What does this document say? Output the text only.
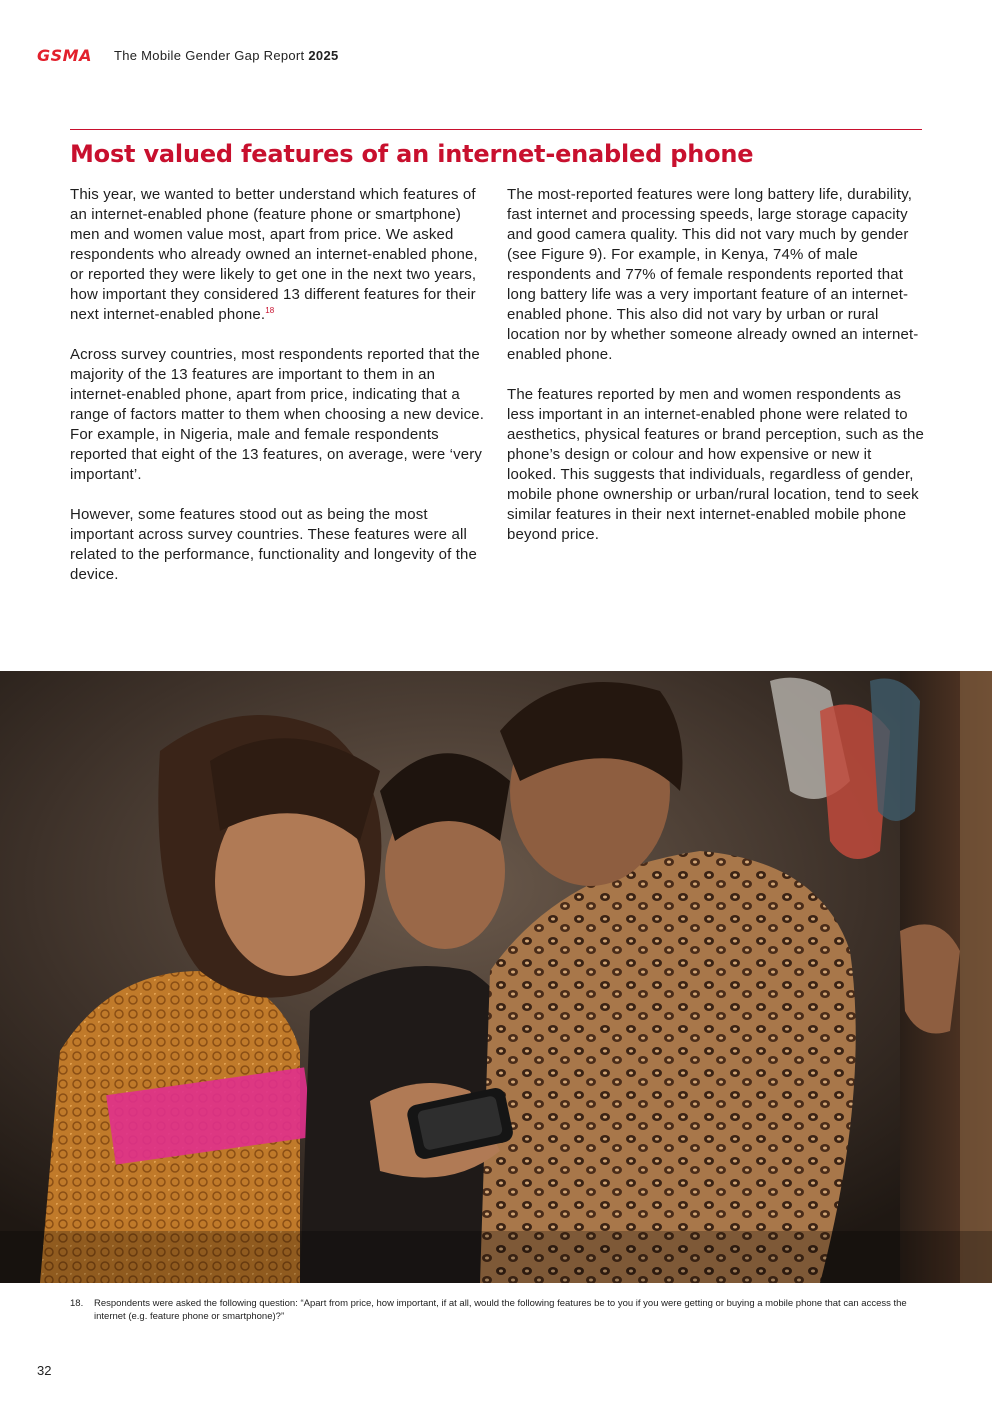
GSMA The Mobile Gender Gap Report 2025
Most valued features of an internet-enabled phone

This year, we wanted to better understand which features of an internet-enabled phone (feature phone or smartphone) men and women value most, apart from price. We asked respondents who already owned an internet-enabled phone, or reported they were likely to get one in the next two years, how important they considered 13 different features for their next internet-enabled phone.$^{18}$

Across survey countries, most respondents reported that the majority of the 13 features are important to them in an internet-enabled phone, apart from price, indicating that a range of factors matter to them when choosing a new device. For example, in Nigeria, male and female respondents reported that eight of the 13 features, on average, were ‘very important’.

However, some features stood out as being the most important across survey countries. These features were all related to the performance, functionality and longevity of the device.

The most-reported features were long battery life, durability, fast internet and processing speeds, large storage capacity and good camera quality. This did not vary much by gender (see Figure 9). For example, in Kenya, 74% of male respondents and 77% of female respondents reported that long battery life was a very important feature of an internet-enabled phone. This also did not vary by urban or rural location nor by whether someone already owned an internet-enabled phone.

The features reported by men and women respondents as less important in an internet-enabled phone were related to aesthetics, physical features or brand perception, such as the phone’s design or colour and how expensive or new it looked. This suggests that individuals, regardless of gender, mobile phone ownership or urban/rural location, tend to seek similar features in their next internet-enabled mobile phone beyond price.

18.	Respondents were asked the following question: “Apart from price, how important, if at all, would the following features be to you if you were getting or buying a mobile phone that can access the internet (e.g. feature phone or smartphone)?”
32
